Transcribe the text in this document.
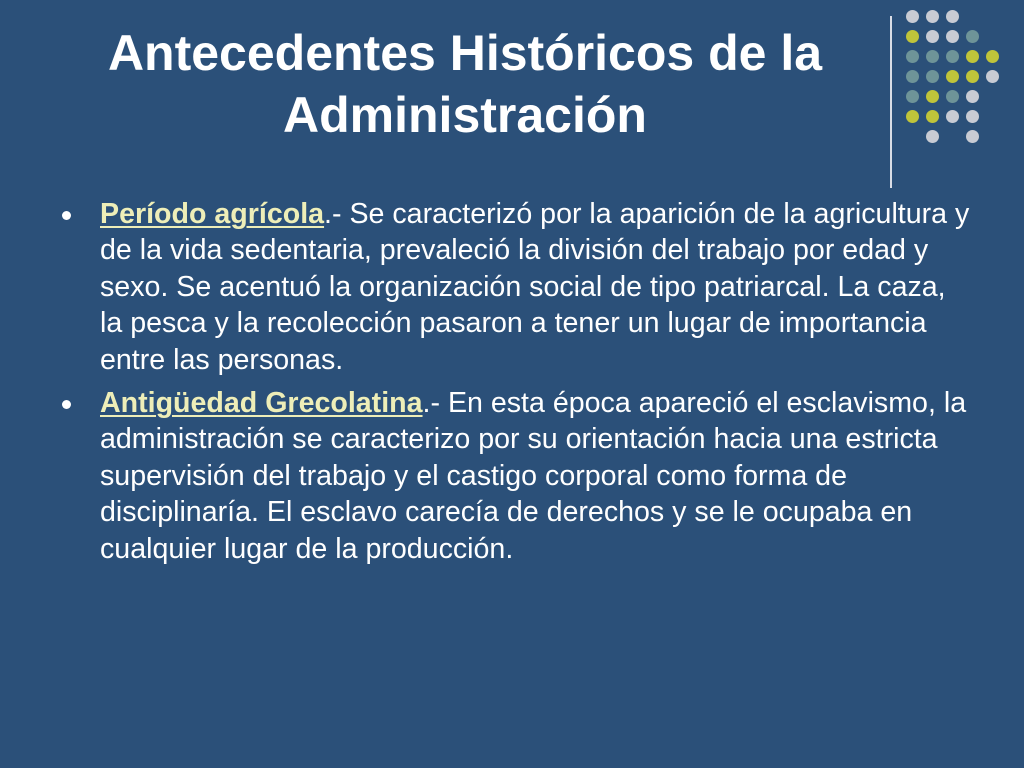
Antecedentes Históricos de la
Administración

Período agrícola.- Se caracterizó por la aparición de la agricultura y de la vida sedentaria, prevaleció la división del trabajo por edad y sexo. Se acentuó la organización social de tipo patriarcal. La caza, la pesca y la recolección pasaron a tener un lugar de importancia entre las personas.

Antigüedad Grecolatina.- En esta época apareció el esclavismo, la administración se caracterizo por su orientación hacia una estricta supervisión del trabajo y el castigo corporal como forma de disciplinaría. El esclavo carecía de derechos y se le ocupaba en cualquier lugar de la producción.
